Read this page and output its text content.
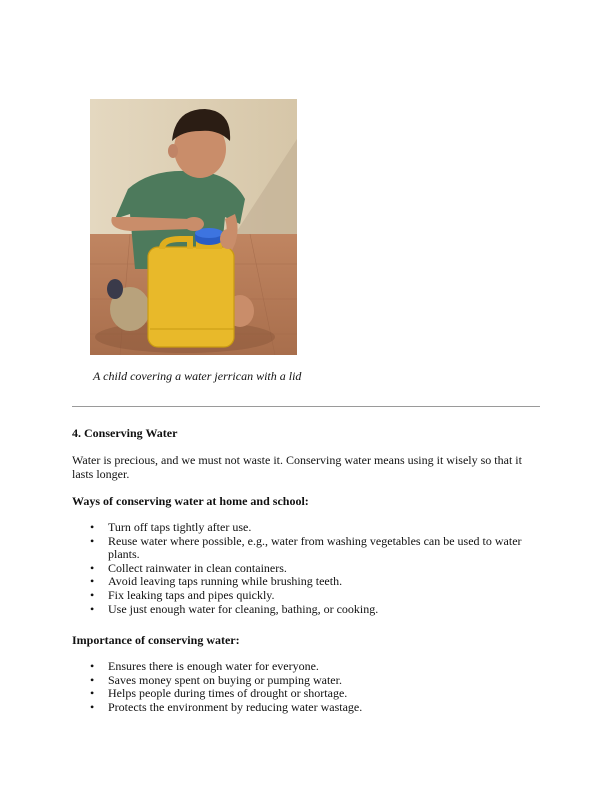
A child covering a water jerrican with a lid
4. Conserving Water
Water is precious, and we must not waste it. Conserving water means using it wisely so that it lasts longer.
Ways of conserving water at home and school:
• Turn off taps tightly after use.
• Reuse water where possible, e.g., water from washing vegetables can be used to water plants.
• Collect rainwater in clean containers.
• Avoid leaving taps running while brushing teeth.
• Fix leaking taps and pipes quickly.
• Use just enough water for cleaning, bathing, or cooking.
Importance of conserving water:
• Ensures there is enough water for everyone.
• Saves money spent on buying or pumping water.
• Helps people during times of drought or shortage.
• Protects the environment by reducing water wastage.
